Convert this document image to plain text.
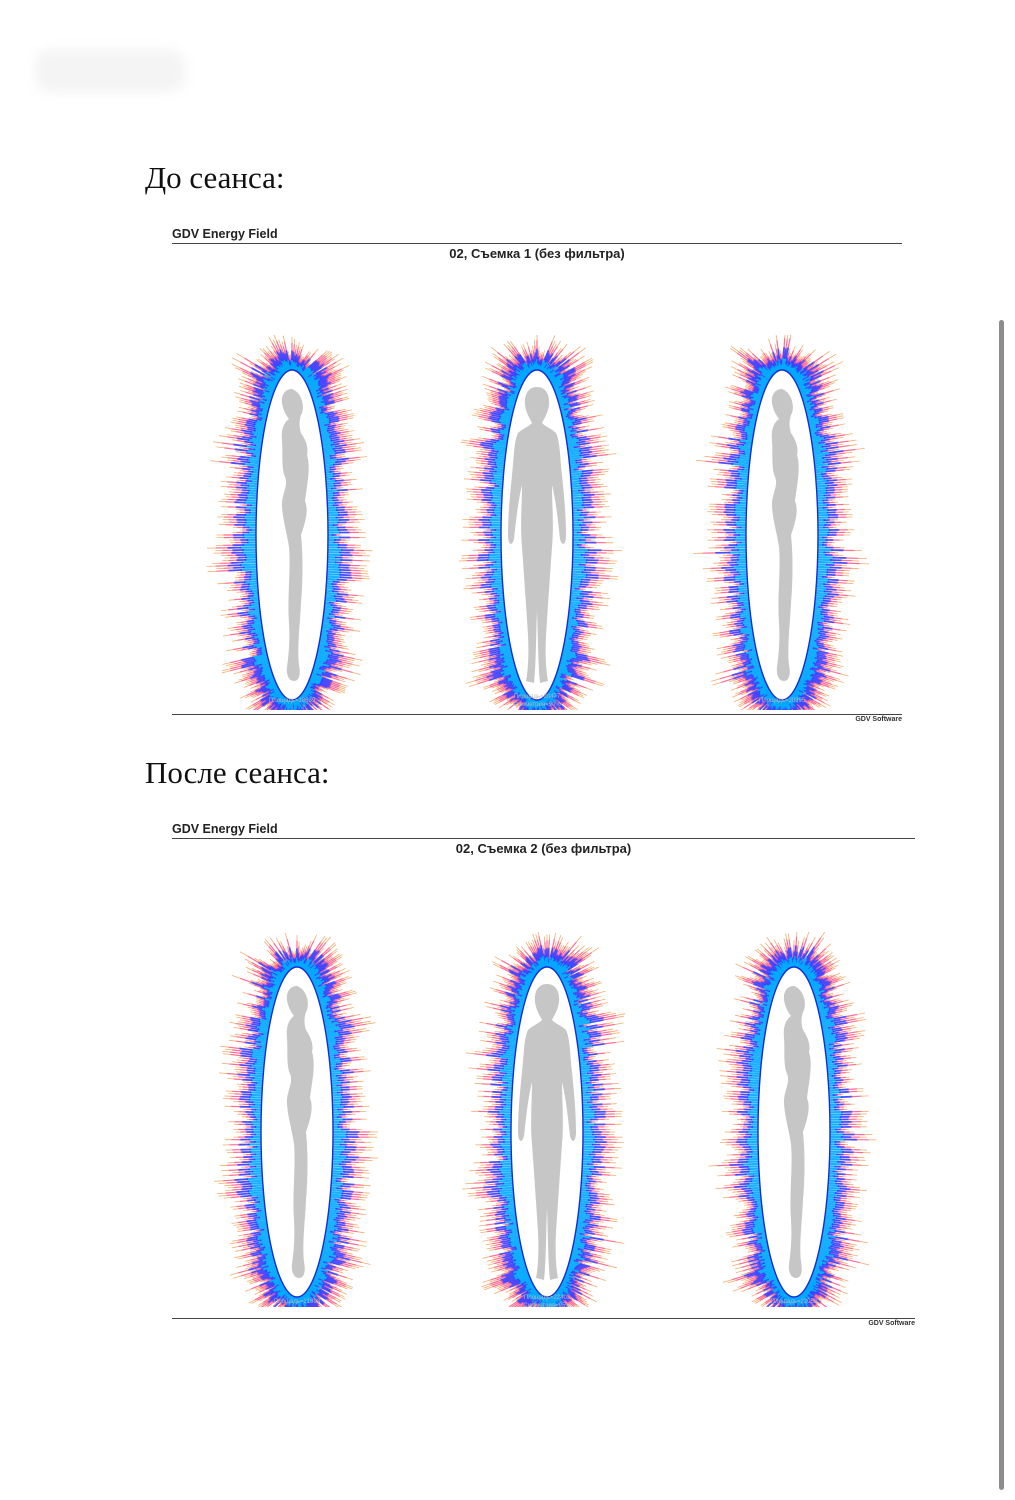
До сеанса:
GDV Energy Field
02, Съемка 1 (без фильтра)
Площадь=18639
Площадь=20477
Симметрия=90%
Площадь=20395
GDV Software
После сеанса:
GDV Energy Field
02, Съемка 2 (без фильтра)
Площадь=21893
Площадь=22403
Симметрия=95%
Площадь=22052
GDV Software
